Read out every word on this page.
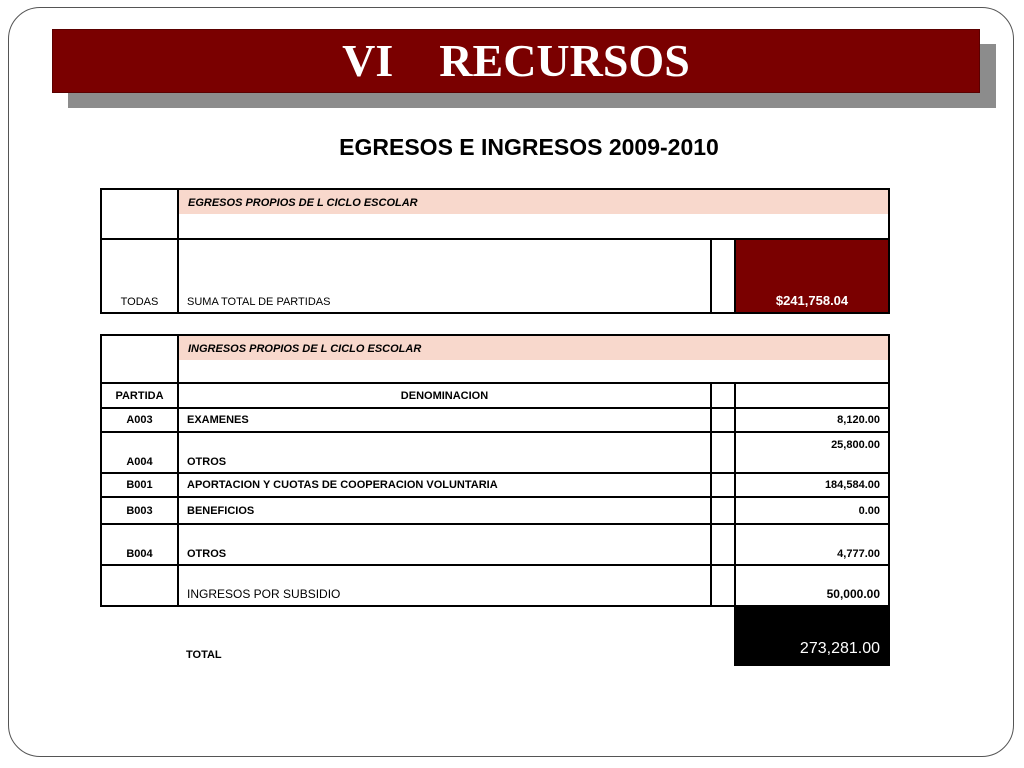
VI    RECURSOS
EGRESOS E INGRESOS 2009-2010

	EGRESOS PROPIOS DE L CICLO ESCOLAR		

TODAS	SUMA TOTAL DE PARTIDAS		$241,758.04

	INGRESOS PROPIOS DE L CICLO ESCOLAR		

PARTIDA	DENOMINACION		
A003	EXAMENES		8,120.00
A004	OTROS		25,800.00
B001	APORTACION Y CUOTAS DE COOPERACION VOLUNTARIA		184,584.00
B003	BENEFICIOS		0.00
B004	OTROS		4,777.00
	INGRESOS POR SUBSIDIO		50,000.00
	TOTAL		273,281.00
